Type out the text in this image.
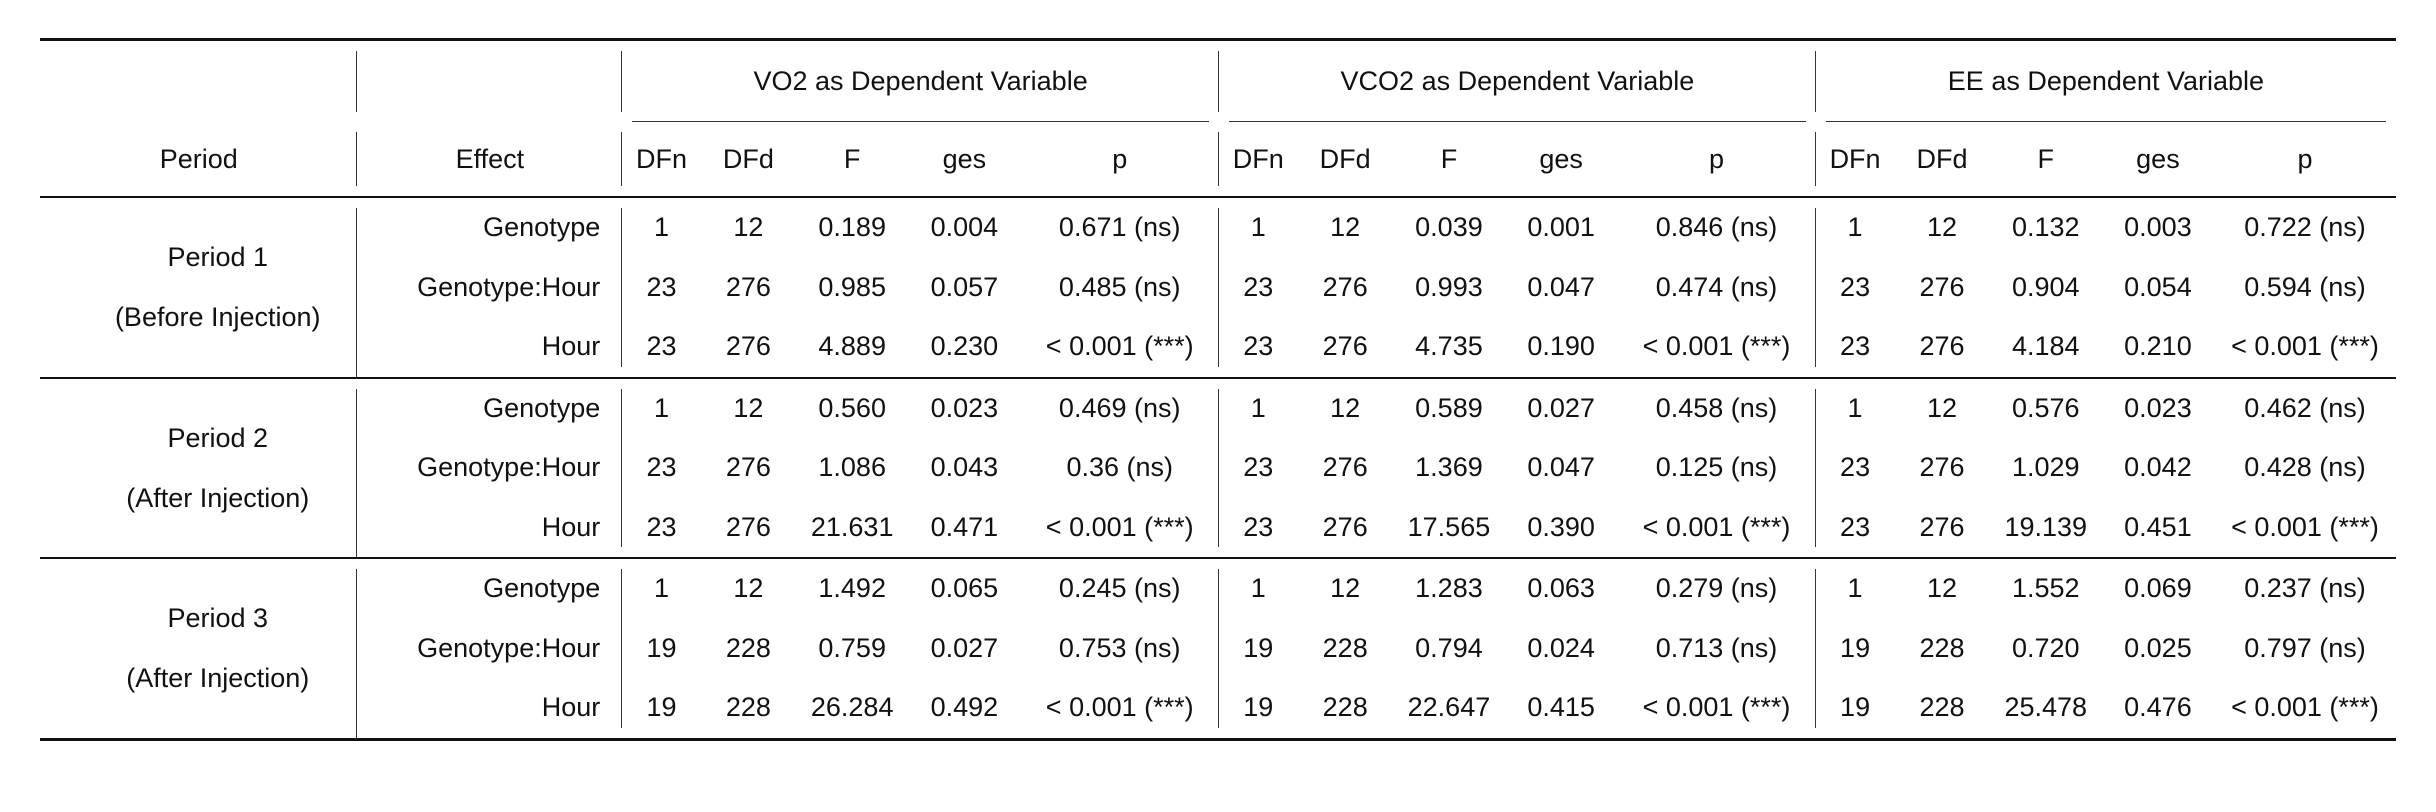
		VO2 as Dependent Variable					VCO2 as Dependent Variable					EE as Dependent Variable				
Period	Effect	DFn	DFd	F	ges	p	DFn	DFd	F	ges	p	DFn	DFd	F	ges	p

Period 1
(Before Injection)	Genotype	1	12	0.189	0.004	0.671 (ns)	1	12	0.039	0.001	0.846 (ns)	1	12	0.132	0.003	0.722 (ns)
	Genotype:Hour	23	276	0.985	0.057	0.485 (ns)	23	276	0.993	0.047	0.474 (ns)	23	276	0.904	0.054	0.594 (ns)
	Hour	23	276	4.889	0.230	< 0.001 (***)	23	276	4.735	0.190	< 0.001 (***)	23	276	4.184	0.210	< 0.001 (***)

Period 2
(After Injection)	Genotype	1	12	0.560	0.023	0.469 (ns)	1	12	0.589	0.027	0.458 (ns)	1	12	0.576	0.023	0.462 (ns)
	Genotype:Hour	23	276	1.086	0.043	0.36 (ns)	23	276	1.369	0.047	0.125 (ns)	23	276	1.029	0.042	0.428 (ns)
	Hour	23	276	21.631	0.471	< 0.001 (***)	23	276	17.565	0.390	< 0.001 (***)	23	276	19.139	0.451	< 0.001 (***)

Period 3
(After Injection)	Genotype	1	12	1.492	0.065	0.245 (ns)	1	12	1.283	0.063	0.279 (ns)	1	12	1.552	0.069	0.237 (ns)
	Genotype:Hour	19	228	0.759	0.027	0.753 (ns)	19	228	0.794	0.024	0.713 (ns)	19	228	0.720	0.025	0.797 (ns)
	Hour	19	228	26.284	0.492	< 0.001 (***)	19	228	22.647	0.415	< 0.001 (***)	19	228	25.478	0.476	< 0.001 (***)
